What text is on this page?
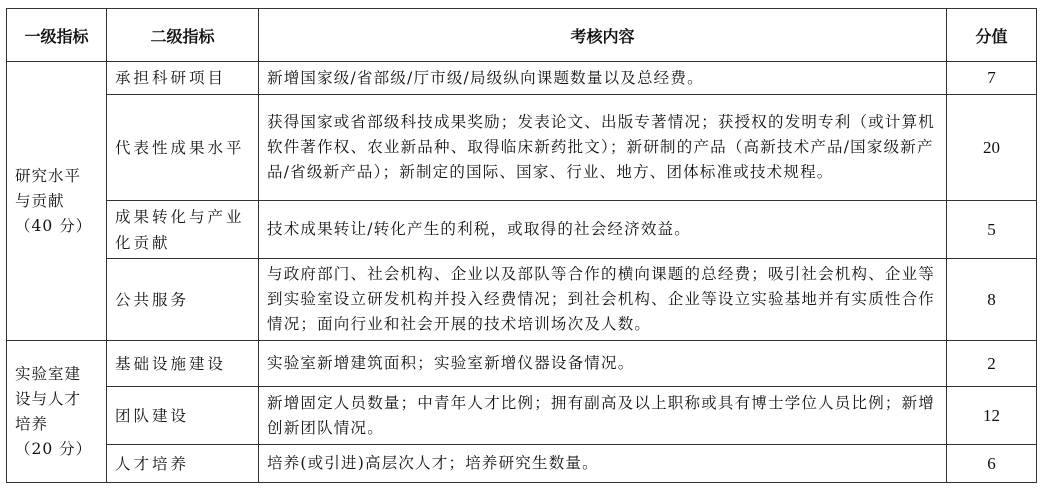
一级指标	二级指标	考核内容	分值

研究水平
与贡献
（40 分）	承担科研项目	新增国家级/省部级/厅市级/局级纵向课题数量以及总经费。	7
	代表性成果水平	获得国家或省部级科技成果奖励；发表论文、出版专著情况；获授权的发明专利（或计算机软件著作权、农业新品种、取得临床新药批文）；新研制的产品（高新技术产品/国家级新产品/省级新产品）；新制定的国际、国家、行业、地方、团体标准或技术规程。	20
	成果转化与产业化贡献	技术成果转让/转化产生的利税，或取得的社会经济效益。	5
	公共服务	与政府部门、社会机构、企业以及部队等合作的横向课题的总经费；吸引社会机构、企业等到实验室设立研发机构并投入经费情况；到社会机构、企业等设立实验基地并有实质性合作情况；面向行业和社会开展的技术培训场次及人数。	8

实验室建
设与人才
培养
（20 分）	基础设施建设	实验室新增建筑面积；实验室新增仪器设备情况。	2
	团队建设	新增固定人员数量；中青年人才比例；拥有副高及以上职称或具有博士学位人员比例；新增创新团队情况。	12
	人才培养	培养(或引进)高层次人才；培养研究生数量。	6
